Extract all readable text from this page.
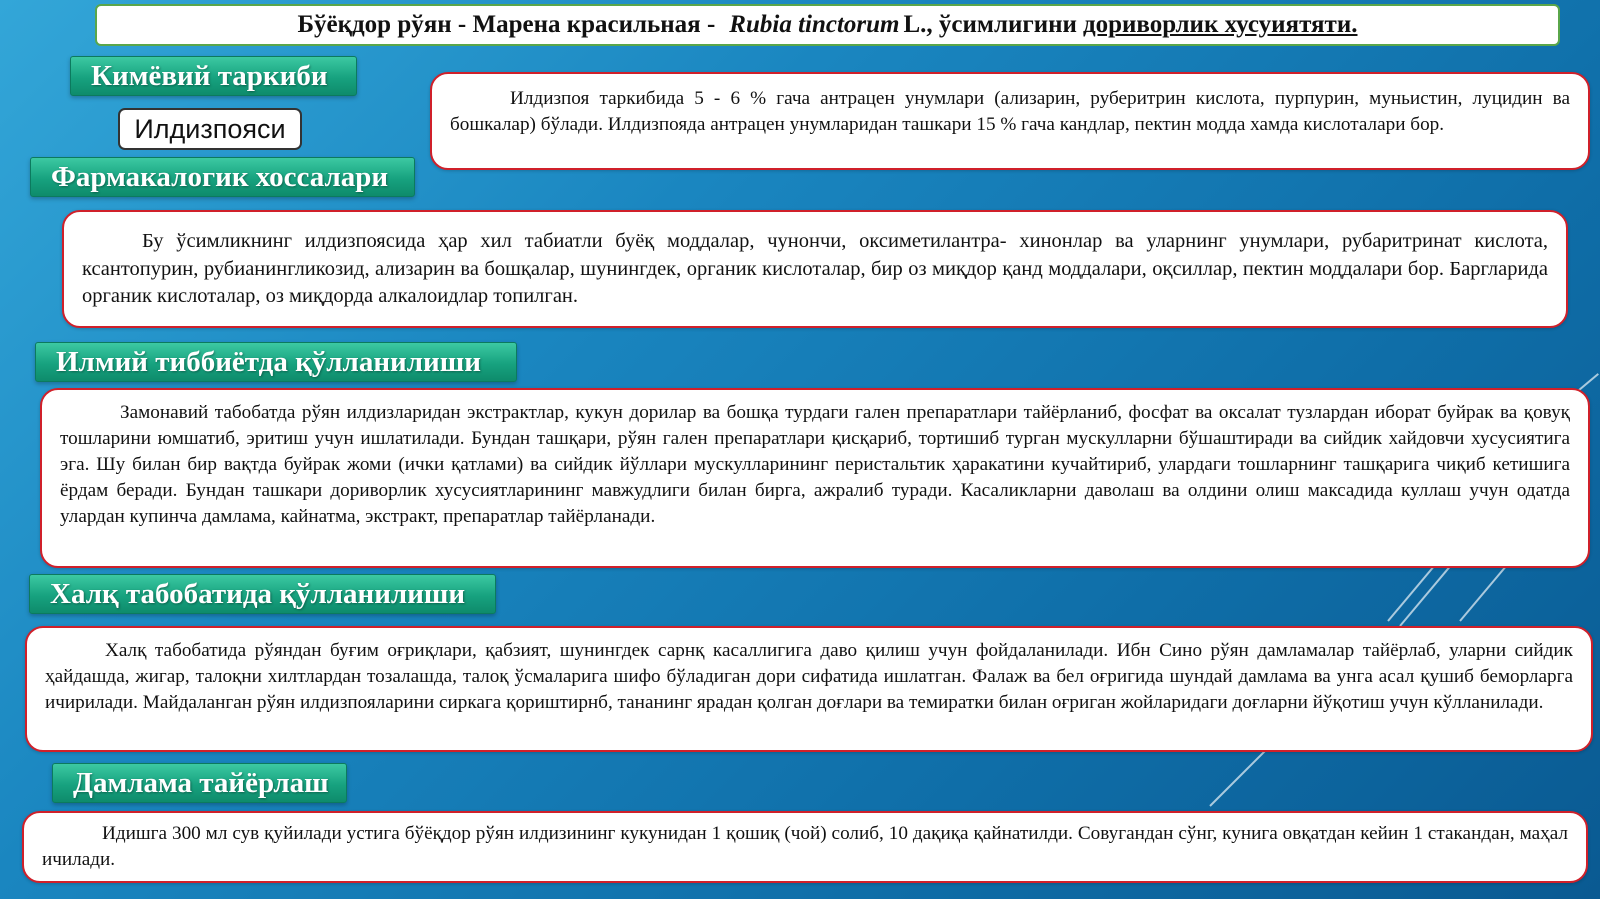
Бўёқдор рўян - Марена красильная - Rubia tinctorum L., ўсимлигини дориворлик хусуиятяти.
Кимёвий таркиби
Илдизпояси
Фармакалогик хоссалари
Илдизпоя таркибида 5 - 6 % гача антрацен унумлари (ализарин, руберитрин кислота, пурпурин, муньистин, луцидин ва бошкалар) бўлади. Илдизпояда антрацен унумларидан ташкари 15 % гача кандлар, пектин модда хамда кислоталари бор.
Бу ўсимликнинг илдизпоясида ҳар хил табиатли буёқ моддалар, чунончи, оксиметилантра- хинонлар ва уларнинг унумлари, рубаритринат кислота, ксантопурин, рубианингликозид, ализарин ва бошқалар, шунингдек, органик кислоталар, бир оз миқдор қанд моддалари, оқсиллар, пектин моддалари бор. Баргларида органик кислоталар, оз миқдорда алкалоидлар топилган.
Илмий тиббиётда қўлланилиши
Замонавий табобатда рўян илдизларидан экстрактлар, кукун дорилар ва бошқа турдаги гален препаратлари тайёрланиб, фосфат ва оксалат тузлардан иборат буйрак ва қовуқ тошларини юмшатиб, эритиш учун ишлатилади. Бундан ташқари, рўян гален препаратлари қисқариб, тортишиб турган мускулларни бўшаштиради ва сийдик хайдовчи хусусиятига эга. Шу билан бир вақтда буйрак жоми (ички қатлами) ва сийдик йўллари мускулларининг перистальтик ҳаракатини кучайтириб, улардаги тошларнинг ташқарига чиқиб кетишига ёрдам беради. Бундан ташкари дориворлик хусусиятларининг мавжудлиги билан бирга, ажралиб туради. Касаликларни даволаш ва олдини олиш максадида куллаш учун одатда улардан купинча дамлама, кайнатма, экстракт, препаратлар тайёрланади.
Халқ табобатида қўлланилиши
Халқ табобатида рўяндан буғим оғриқлари, қабзият, шунингдек сарнқ касаллигига даво қилиш учун фойдаланилади. Ибн Сино рўян дамламалар тайёрлаб, уларни сийдик ҳайдашда, жигар, талоқни хилтлардан тозалашда, талоқ ўсмаларига шифо бўладиган дори сифатида ишлатган. Фалаж ва бел оғригида шундай дамлама ва унга асал қушиб беморларга ичирилади. Майдаланган рўян илдизпояларини сиркага қориштирнб, тананинг ярадан қолган доғлари ва темиратки билан оғриган жойларидаги доғларни йўқотиш учун кўлланилади.
Дамлама тайёрлаш
Идишга 300 мл сув қуйилади устига бўёқдор рўян илдизининг кукунидан 1 қошиқ (чой) солиб, 10 дақиқа қайнатилди. Совугандан сўнг, кунига овқатдан кейин 1 стакандан, маҳал ичилади.
